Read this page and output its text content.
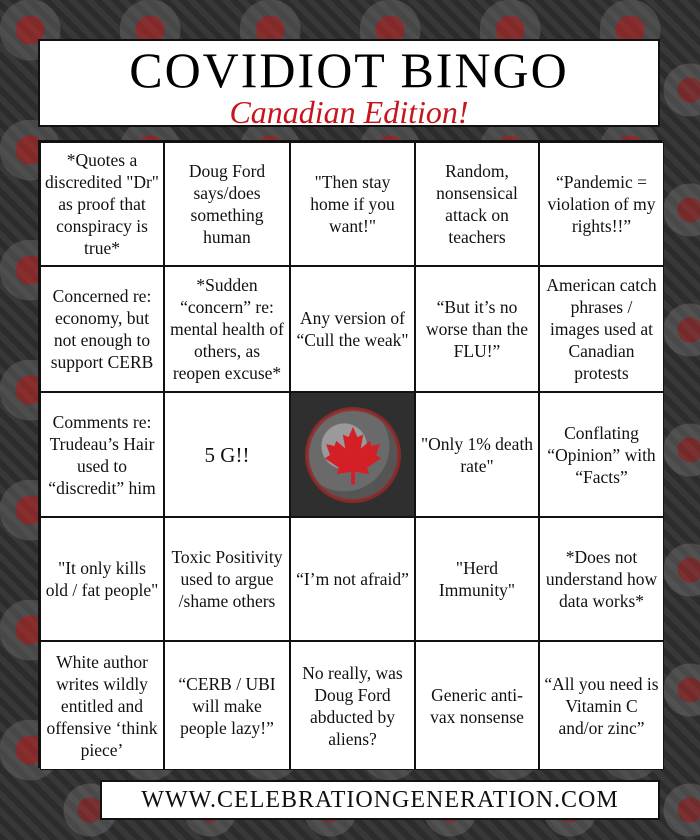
COVIDIOT BINGO
Canadian Edition!
*Quotes a discredited "Dr" as proof that conspiracy is true*
Doug Ford says/does something human
"Then stay home if you want!"
Random, nonsensical attack on teachers
“Pandemic = violation of my rights!!”
Concerned re: economy, but not enough to support CERB
*Sudden “concern” re: mental health of others, as reopen excuse*
Any version of “Cull the weak"
“But it’s no worse than the FLU!”
American catch phrases / images used at Canadian protests
Comments re: Trudeau’s Hair used to “discredit” him
5 G!!	"Only 1% death rate"
Conflating “Opinion” with “Facts”
"It only kills old / fat people"
Toxic Positivity used to argue /shame others
“I’m not afraid”
"Herd Immunity"
*Does not understand how data works*
White author writes wildly entitled and offensive ‘think piece’
“CERB / UBI will make people lazy!”
No really, was Doug Ford abducted by aliens?
Generic anti-vax nonsense
“All you need is Vitamin C and/or zinc”
WWW.CELEBRATIONGENERATION.COM
